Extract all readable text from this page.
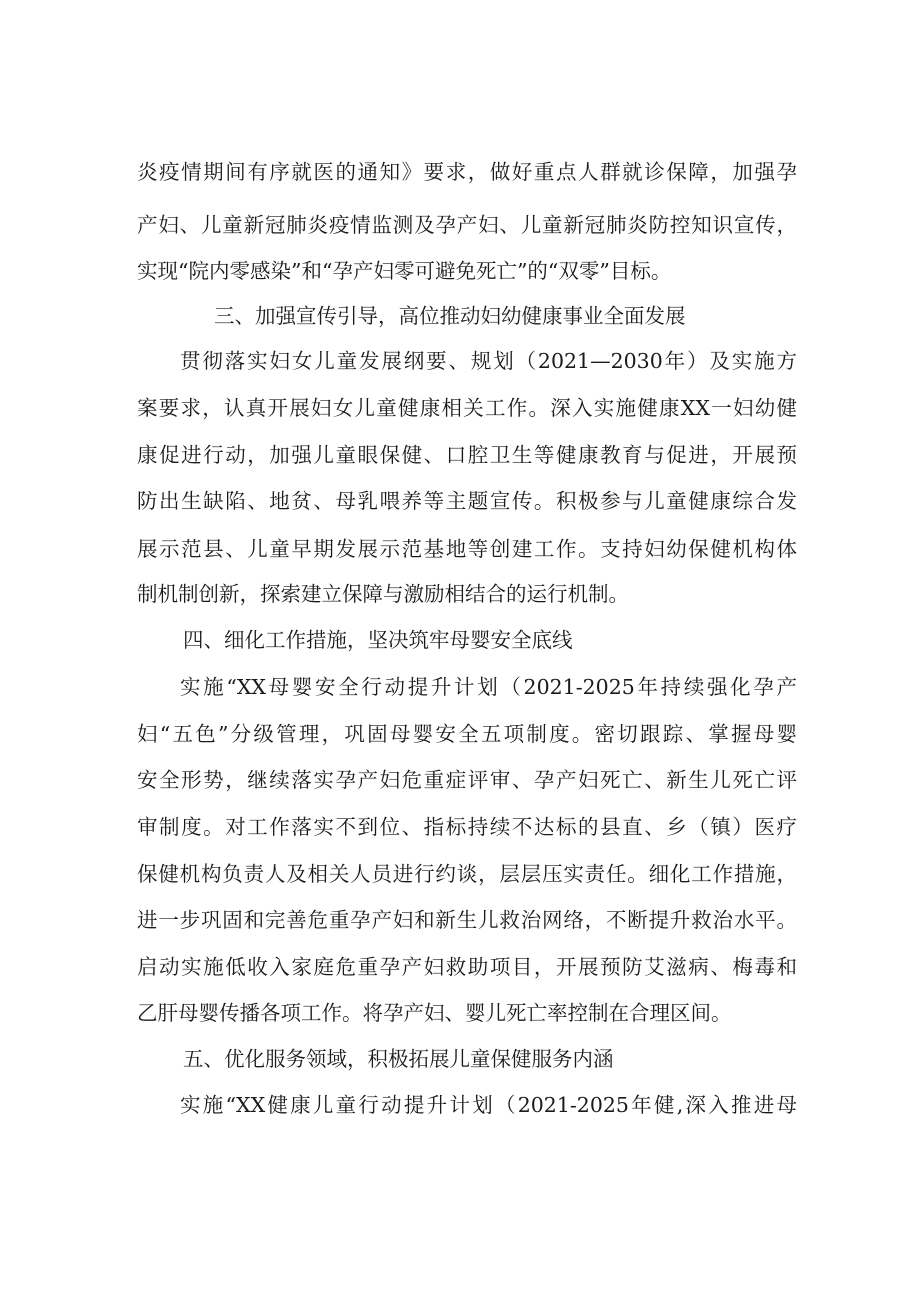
炎疫情期间有序就医的通知》要求，做好重点人群就诊保障，加强孕
产妇、儿童新冠肺炎疫情监测及孕产妇、儿童新冠肺炎防控知识宣传，
实现“院内零感染”和“孕产妇零可避免死亡”的“双零”目标。
三、加强宣传引导，高位推动妇幼健康事业全面发展
贯彻落实妇女儿童发展纲要、规划（2021—2030年）及实施方
案要求，认真开展妇女儿童健康相关工作。深入实施健康XX一妇幼健
康促进行动，加强儿童眼保健、口腔卫生等健康教育与促进，开展预
防出生缺陷、地贫、母乳喂养等主题宣传。积极参与儿童健康综合发
展示范县、儿童早期发展示范基地等创建工作。支持妇幼保健机构体
制机制创新，探索建立保障与激励相结合的运行机制。
四、细化工作措施，坚决筑牢母婴安全底线
实施“XX母婴安全行动提升计划（2021-2025年持续强化孕产
妇“五色”分级管理，巩固母婴安全五项制度。密切跟踪、掌握母婴
安全形势，继续落实孕产妇危重症评审、孕产妇死亡、新生儿死亡评
审制度。对工作落实不到位、指标持续不达标的县直、乡（镇）医疗
保健机构负责人及相关人员进行约谈，层层压实责任。细化工作措施，
进一步巩固和完善危重孕产妇和新生儿救治网络，不断提升救治水平。
启动实施低收入家庭危重孕产妇救助项目，开展预防艾滋病、梅毒和
乙肝母婴传播各项工作。将孕产妇、婴儿死亡率控制在合理区间。
五、优化服务领域，积极拓展儿童保健服务内涵
实施“XX健康儿童行动提升计划（2021-2025年健,深入推进母
